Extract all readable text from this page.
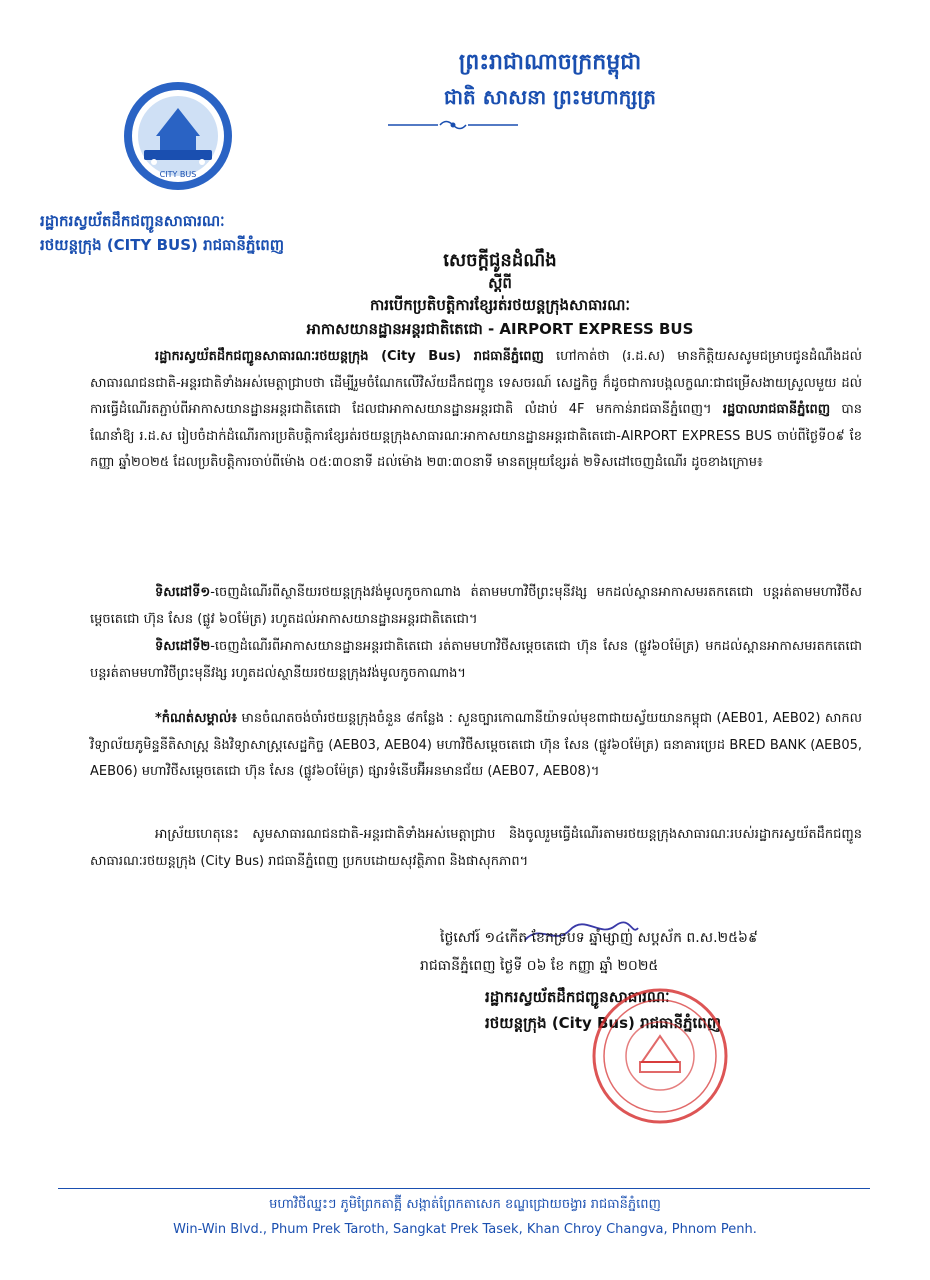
ព្រះរាជាណាចក្រកម្ពុជា
ជាតិ សាសនា ព្រះមហាក្សត្រ
CITY BUS
រដ្ឋាករស្វយ័តដឹកជញ្ជូនសាធារណៈ
រថយន្តក្រុង (CITY BUS) រាជធានីភ្នំពេញ
សេចក្តីជូនដំណឹង
ស្តីពី
ការបើកប្រតិបត្តិការខ្សែរត់រថយន្តក្រុងសាធារណៈ
អាកាសយានដ្ឋានអន្តរជាតិតេជោ - AIRPORT EXPRESS BUS
រដ្ឋាករស្វយ័តដឹកជញ្ជូនសាធារណៈរថយន្តក្រុង (City Bus) រាជធានីភ្នំពេញ ហៅកាត់ថា (រ.ដ.ស) មានកិត្តិយសសូមជម្រាបជូនដំណឹងដល់សាធារណជនជាតិ-អន្តរជាតិទាំងអស់មេត្តាជ្រាបថា ដើម្បីរួមចំណែកលើវិស័យដឹកជញ្ជូន ទេសចរណ៍ សេដ្ឋកិច្ច ក៏ដូចជាការបង្កលក្ខណៈជាជម្រើសងាយស្រួលមួយ ដល់ការធ្វើដំណើរតភ្ជាប់ពីអាកាសយានដ្ឋានអន្តរជាតិតេជោ ដែលជាអាកាសយានដ្ឋានអន្តរជាតិ លំដាប់ 4F មកកាន់រាជធានីភ្នំពេញ។ រដ្ឋបាលរាជធានីភ្នំពេញ បានណែនាំឱ្យ រ.ដ.ស រៀបចំដាក់ដំណើរការប្រតិបត្តិការខ្សែរត់រថយន្តក្រុងសាធារណៈអាកាសយានដ្ឋានអន្តរជាតិតេជោ-AIRPORT EXPRESS BUS ចាប់ពីថ្ងៃទី០៩ ខែកញ្ញា ឆ្នាំ២០២៥ ដែលប្រតិបត្តិការចាប់ពីម៉ោង ០៥:៣០នាទី ដល់ម៉ោង ២៣:៣០នាទី មានតម្រុយខ្សែរត់ ២ទិសដៅចេញដំណើរ ដូចខាងក្រោម៖
ទិសដៅទី១-ចេញដំណើរពីស្ថានីយរថយន្តក្រុងវង់មូលកូចកាណាង ត់តាមមហាវិថីព្រះមុនីវង្ស មកដល់ស្ពានអាកាសមរតកតេជោ បន្តរត់តាមមហាវិថីសម្តេចតេជោ ហ៊ុន សែន (ផ្លូវ ៦០ម៉ែត្រ) រហូតដល់អាកាសយានដ្ឋានអន្តរជាតិតេជោ។
ទិសដៅទី២-ចេញដំណើរពីអាកាសយានដ្ឋានអន្តរជាតិតេជោ រត់តាមមហាវិថីសម្តេចតេជោ ហ៊ុន សែន (ផ្លូវ៦០ម៉ែត្រ) មកដល់ស្ពានអាកាសមរតកតេជោ បន្តរត់តាមមហាវិថីព្រះមុនីវង្ស រហូតដល់ស្ថានីយរថយន្តក្រុងវង់មូលកូចកាណាង។
*កំណត់សម្គាល់៖ មានចំណតចង់ចាំរថយន្តក្រុងចំនួន ៨កន្លែង : សួនច្បារកោណានីយ៉ាទល់មុខពាជាយស្វ័យយានកម្ពុជា (AEB01, AEB02) សាកលវិទ្យាល័យភូមិន្ទនីតិសាស្ត្រ និងវិទ្យាសាស្ត្រសេដ្ឋកិច្ច (AEB03, AEB04) មហាវិថីសម្តេចតេជោ ហ៊ុន សែន (ផ្លូវ៦០ម៉ែត្រ) ធនាគារប្រេដ BRED BANK (AEB05, AEB06) មហាវិថីសម្តេចតេជោ ហ៊ុន សែន (ផ្លូវ៦០ម៉ែត្រ) ផ្សារទំនើបអ៊ីអនមានជ័យ (AEB07, AEB08)។
អាស្រ័យហេតុនេះ សូមសាធារណជនជាតិ-អន្តរជាតិទាំងអស់មេត្តាជ្រាប និងចូលរួមធ្វើដំណើរតាមរថយន្តក្រុងសាធារណៈរបស់រដ្ឋាករស្វយ័តដឹកជញ្ជូនសាធារណៈរថយន្តក្រុង (City Bus) រាជធានីភ្នំពេញ ប្រកបដោយសុវត្ថិភាព និងផាសុកភាព។
ថ្ងៃសៅរ៍ ១៤កើត ខែភទ្របទ ឆ្នាំម្សាញ់ សប្តស័ក ព.ស.២៥៦៩
រាជធានីភ្នំពេញ ថ្ងៃទី ០៦ ខែ កញ្ញា ឆ្នាំ ២០២៥
រដ្ឋាករស្វយ័តដឹកជញ្ជូនសាធារណៈ
រថយន្តក្រុង (City Bus) រាជធានីភ្នំពេញ
មហាវិថីឈ្នះៗ ភូមិព្រែកតាត្អ៊ី សង្កាត់ព្រែកតាសេក ខណ្ឌជ្រោយចង្វារ រាជធានីភ្នំពេញ
Win-Win Blvd., Phum Prek Taroth, Sangkat Prek Tasek, Khan Chroy Changva, Phnom Penh.
